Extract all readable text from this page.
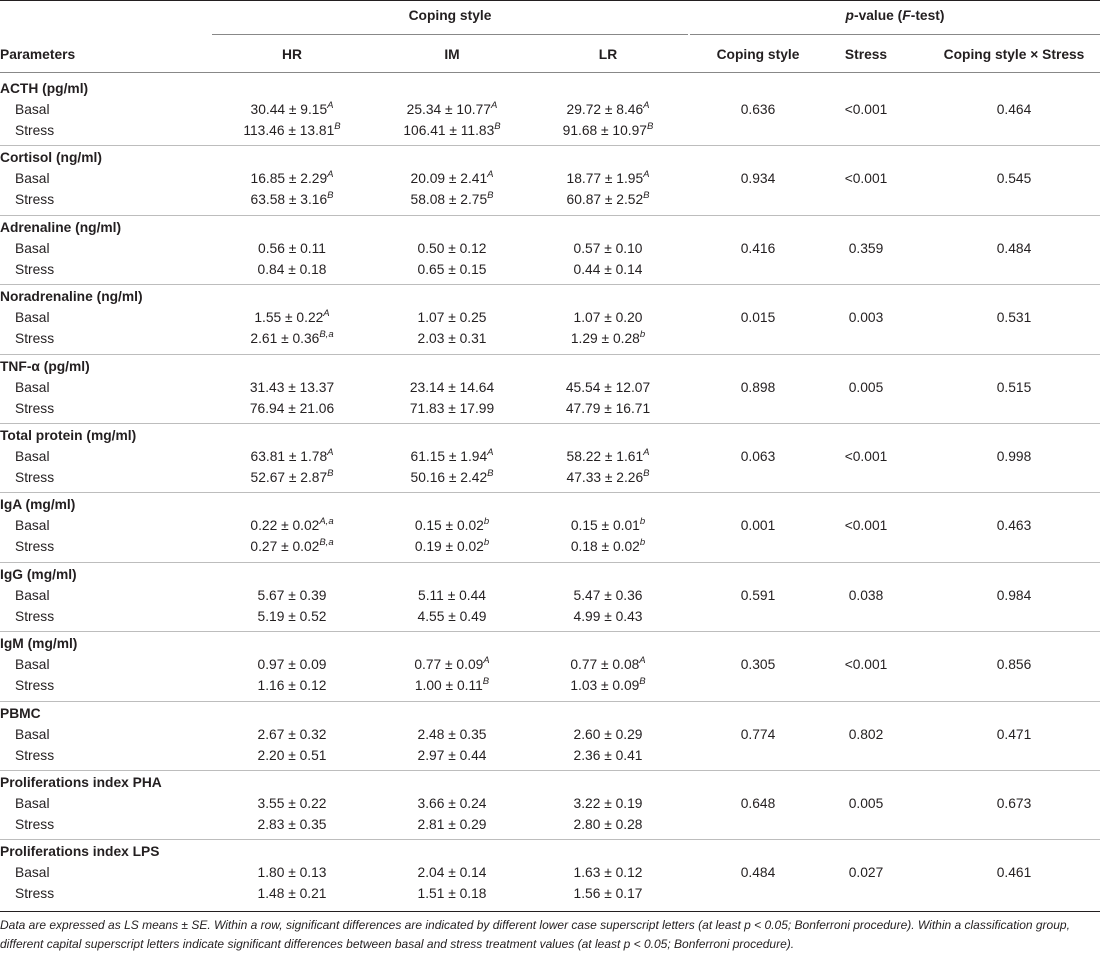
Coping style	p-value (F-test)
Parameters	HR	IM	LR	Coping style	Stress	Coping style × Stress
ACTH (pg/ml)
Basal	$30.44 \pm 9.15^A$	$25.34 \pm 10.77^A$	$29.72 \pm 8.46^A$	0.636	<0.001	0.464
Stress	$113.46 \pm 13.81^B$	$106.41 \pm 11.83^B$	$91.68 \pm 10.97^B$
Cortisol (ng/ml)
Basal	$16.85 \pm 2.29^A$	$20.09 \pm 2.41^A$	$18.77 \pm 1.95^A$	0.934	<0.001	0.545
Stress	$63.58 \pm 3.16^B$	$58.08 \pm 2.75^B$	$60.87 \pm 2.52^B$
Adrenaline (ng/ml)
Basal	0.56 ± 0.11	0.50 ± 0.12	0.57 ± 0.10	0.416	0.359	0.484
Stress	0.84 ± 0.18	0.65 ± 0.15	0.44 ± 0.14
Noradrenaline (ng/ml)
Basal	$1.55 \pm 0.22^A$	1.07 ± 0.25	1.07 ± 0.20	0.015	0.003	0.531
Stress	$2.61 \pm 0.36^{B,a}$	2.03 ± 0.31	1.29 ± 0.28$^b$
TNF-α (pg/ml)
Basal	31.43 ± 13.37	23.14 ± 14.64	45.54 ± 12.07	0.898	0.005	0.515
Stress	76.94 ± 21.06	71.83 ± 17.99	47.79 ± 16.71
Total protein (mg/ml)
Basal	$63.81 \pm 1.78^A$	$61.15 \pm 1.94^A$	$58.22 \pm 1.61^A$	0.063	<0.001	0.998
Stress	$52.67 \pm 2.87^B$	$50.16 \pm 2.42^B$	$47.33 \pm 2.26^B$
IgA (mg/ml)
Basal	$0.22 \pm 0.02^{A,a}$	0.15 ± 0.02$^b$	0.15 ± 0.01$^b$	0.001	<0.001	0.463
Stress	$0.27 \pm 0.02^{B,a}$	0.19 ± 0.02$^b$	0.18 ± 0.02$^b$
IgG (mg/ml)
Basal	5.67 ± 0.39	5.11 ± 0.44	5.47 ± 0.36	0.591	0.038	0.984
Stress	5.19 ± 0.52	4.55 ± 0.49	4.99 ± 0.43
IgM (mg/ml)
Basal	0.97 ± 0.09	$0.77 \pm 0.09^A$	$0.77 \pm 0.08^A$	0.305	<0.001	0.856
Stress	1.16 ± 0.12	$1.00 \pm 0.11^B$	$1.03 \pm 0.09^B$
PBMC
Basal	2.67 ± 0.32	2.48 ± 0.35	2.60 ± 0.29	0.774	0.802	0.471
Stress	2.20 ± 0.51	2.97 ± 0.44	2.36 ± 0.41
Proliferations index PHA
Basal	3.55 ± 0.22	3.66 ± 0.24	3.22 ± 0.19	0.648	0.005	0.673
Stress	2.83 ± 0.35	2.81 ± 0.29	2.80 ± 0.28
Proliferations index LPS
Basal	1.80 ± 0.13	2.04 ± 0.14	1.63 ± 0.12	0.484	0.027	0.461
Stress	1.48 ± 0.21	1.51 ± 0.18	1.56 ± 0.17
Data are expressed as LS means ± SE. Within a row, significant differences are indicated by different lower case superscript letters (at least p < 0.05; Bonferroni procedure). Within a classification group, different capital superscript letters indicate significant differences between basal and stress treatment values (at least p < 0.05; Bonferroni procedure).
